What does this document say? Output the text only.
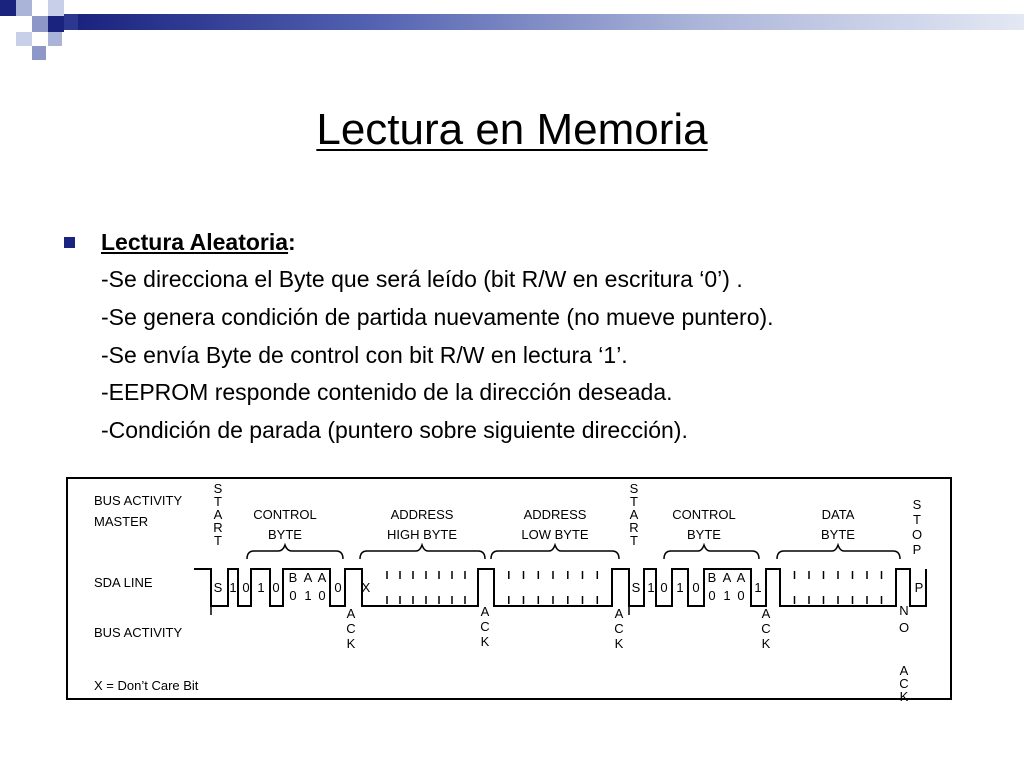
Lectura en Memoria
Lectura Aleatoria:
-Se direcciona el Byte que será leído (bit R/W en escritura ‘0’) .
-Se genera condición de partida nuevamente (no mueve puntero).
-Se envía Byte de control con bit R/W en lectura ‘1’.
-EEPROM responde contenido de la dirección deseada.
-Condición de parada (puntero sobre siguiente dirección).
S
T
A
R
T
S
T
A
R
T
S
T
O
P
A
C
K
A
C
K
A
C
K
A
C
K
N
O
A
C
K
BUS ACTIVITY
MASTER
SDA LINE
BUS ACTIVITY
X = Don’t Care Bit
CONTROL
BYTE
ADDRESS
HIGH BYTE
ADDRESS
LOW BYTE
CONTROL
BYTE
DATA
BYTE
S 1 0 1 0
B
0
A
1
A
0
0 X	S 1 0 1 0
B
0
A
1
A
0
1	P
